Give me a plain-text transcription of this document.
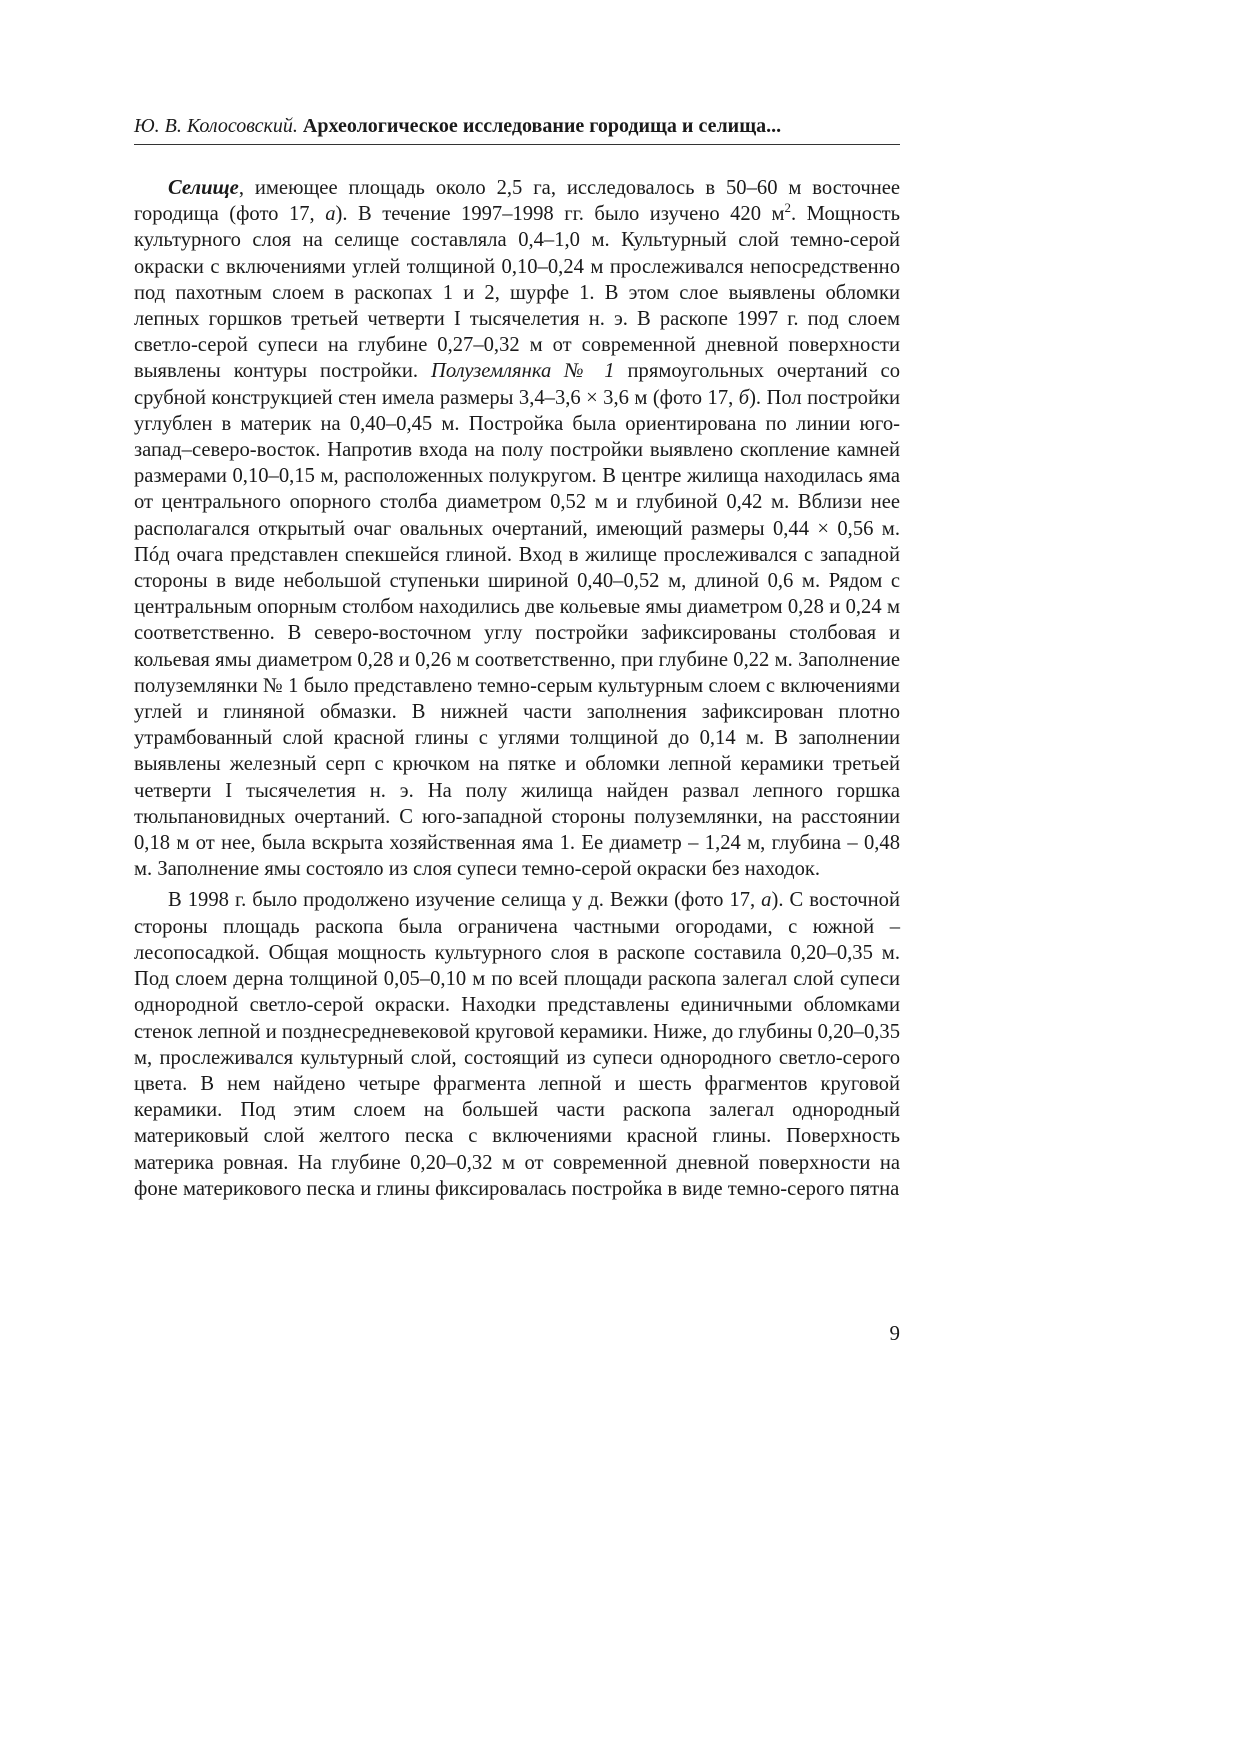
Ю. В. Колосовский. Археологическое исследование городища и селища...

Селище, имеющее площадь около 2,5 га, исследовалось в 50–60 м восточнее городища (фото 17, а). В течение 1997–1998 гг. было изучено 420 $м^2$. Мощность культурного слоя на селище составляла 0,4–1,0 м. Культурный слой темно-серой окраски с включениями углей толщиной 0,10–0,24 м прослеживался непосредственно под пахотным слоем в раскопах 1 и 2, шурфе 1. В этом слое выявлены обломки лепных горшков третьей четверти I тысячелетия н. э. В раскопе 1997 г. под слоем светло-серой супеси на глубине 0,27–0,32 м от современной дневной поверхности выявлены контуры постройки. Полуземлянка № 1 прямоугольных очертаний со срубной конструкцией стен имела размеры 3,4–3,6 × 3,6 м (фото 17, б). Пол постройки углублен в материк на 0,40–0,45 м. Постройка была ориентирована по линии юго-запад–северо-восток. Напротив входа на полу постройки выявлено скопление камней размерами 0,10–0,15 м, расположенных полукругом. В центре жилища находилась яма от центрального опорного столба диаметром 0,52 м и глубиной 0,42 м. Вблизи нее располагался открытый очаг овальных очертаний, имеющий размеры 0,44 × 0,56 м. Пóд очага представлен спекшейся глиной. Вход в жилище прослеживался с западной стороны в виде небольшой ступеньки шириной 0,40–0,52 м, длиной 0,6 м. Рядом с центральным опорным столбом находились две кольевые ямы диаметром 0,28 и 0,24 м соответственно. В северо-восточном углу постройки зафиксированы столбовая и кольевая ямы диаметром 0,28 и 0,26 м соответственно, при глубине 0,22 м. Заполнение полуземлянки № 1 было представлено темно-серым культурным слоем с включениями углей и глиняной обмазки. В нижней части заполнения зафиксирован плотно утрамбованный слой красной глины с углями толщиной до 0,14 м. В заполнении выявлены железный серп с крючком на пятке и обломки лепной керамики третьей четверти I тысячелетия н. э. На полу жилища найден развал лепного горшка тюльпановидных очертаний. С юго-западной стороны полуземлянки, на расстоянии 0,18 м от нее, была вскрыта хозяйственная яма 1. Ее диаметр – 1,24 м, глубина – 0,48 м. Заполнение ямы состояло из слоя супеси темно-серой окраски без находок.

В 1998 г. было продолжено изучение селища у д. Вежки (фото 17, а). С восточной стороны площадь раскопа была ограничена частными огородами, с южной – лесопосадкой. Общая мощность культурного слоя в раскопе составила 0,20–0,35 м. Под слоем дерна толщиной 0,05–0,10 м по всей площади раскопа залегал слой супеси однородной светло-серой окраски. Находки представлены единичными обломками стенок лепной и позднесредневековой круговой керамики. Ниже, до глубины 0,20–0,35 м, прослеживался культурный слой, состоящий из супеси однородного светло-серого цвета. В нем найдено четыре фрагмента лепной и шесть фрагментов круговой керамики. Под этим слоем на большей части раскопа залегал однородный материковый слой желтого песка с включениями красной глины. Поверхность материка ровная. На глубине 0,20–0,32 м от современной дневной поверхности на фоне материкового песка и глины фиксировалась постройка в виде темно-серого пятна

9
